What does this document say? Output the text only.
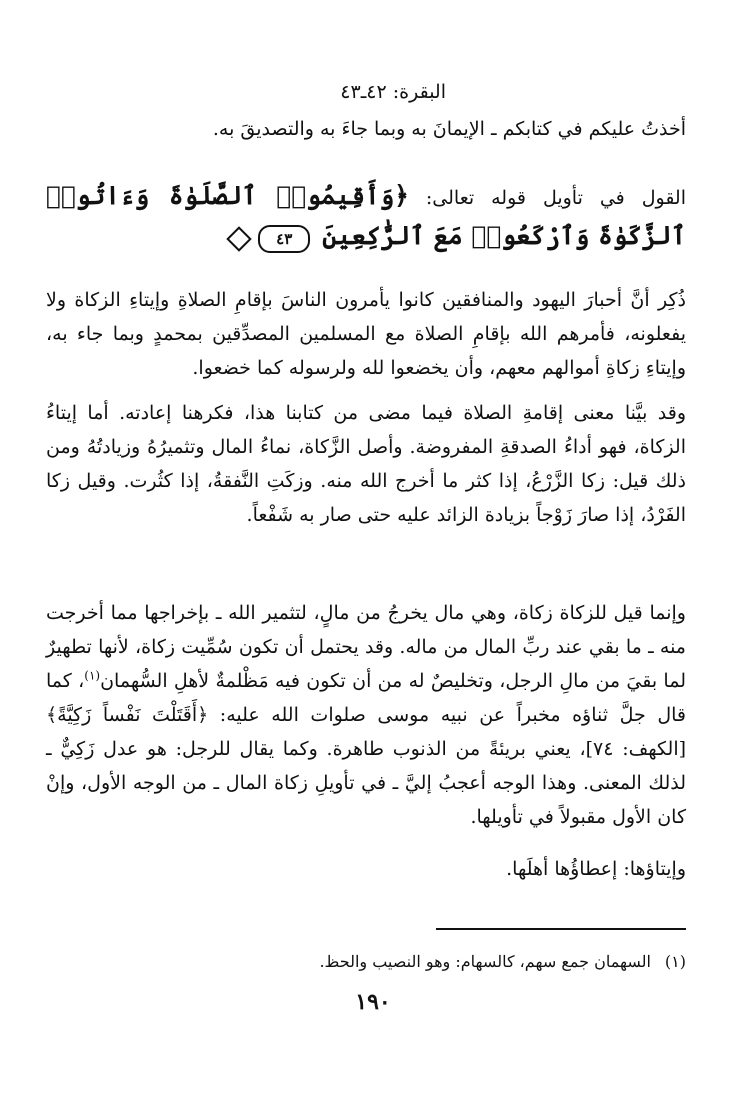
البقرة: ٤٢ـ٤٣
أخذتُ عليكم في كتابكم ـ الإيمانَ به وبما جاءَ به والتصديقَ به.
القول في تأويل قوله تعالى: ﴿وَأَقِيمُوا۟ ٱلصَّلَوٰةَ وَءَاتُوا۟ ٱلزَّكَوٰةَ وَٱرْكَعُوا۟ مَعَ ٱلرَّٰكِعِينَ ٤٣
ذُكِر أنَّ أحبارَ اليهود والمنافقين كانوا يأمرون الناسَ بإقامِ الصلاةِ وإيتاءِ الزكاة ولا يفعلونه، فأمرهم الله بإقامِ الصلاة مع المسلمين المصدِّقين بمحمدٍ وبما جاء به، وإيتاءِ زكاةِ أموالهم معهم، وأن يخضعوا لله ولرسوله كما خضعوا.
وقد بيَّنا معنى إقامةِ الصلاة فيما مضى من كتابنا هذا، فكرهنا إعادته. أما إيتاءُ الزكاة، فهو أداءُ الصدقةِ المفروضة. وأصل الزَّكاة، نماءُ المال وتثميرُهُ وزيادتُهُ ومن ذلك قيل: زكا الزَّرْعُ، إذا كثر ما أخرج الله منه. وزكَتِ النَّفقةُ، إذا كثُرت. وقيل زكا الفَرْدُ، إذا صارَ زَوْجاً بزيادة الزائد عليه حتى صار به شَفْعاً.
وإنما قيل للزكاة زكاة، وهي مال يخرجُ من مالٍ، لتثمير الله ـ بإخراجها مما أخرجت منه ـ ما بقي عند ربِّ المال من ماله. وقد يحتمل أن تكون سُمِّيت زكاة، لأنها تطهيرٌ لما بقيَ من مالِ الرجل، وتخليصٌ له من أن تكون فيه مَظْلمةٌ لأهلِ السُّهمان$^{(١)}$، كما قال جلَّ ثناؤه مخبراً عن نبيه موسى صلوات الله عليه: ﴿أَقَتَلْتَ نَفْساً زَكِيَّةً﴾ [الكهف: ٧٤]، يعني بريئةً من الذنوب طاهرة. وكما يقال للرجل: هو عدل زَكِيٌّ ـ لذلك المعنى. وهذا الوجه أعجبُ إليَّ ـ في تأويلِ زكاة المال ـ من الوجه الأول، وإنْ كان الأول مقبولاً في تأويلها.
وإيتاؤها: إعطاؤُها أهلَها.
(١)السهمان جمع سهم، كالسهام: وهو النصيب والحظ.
١٩٠
